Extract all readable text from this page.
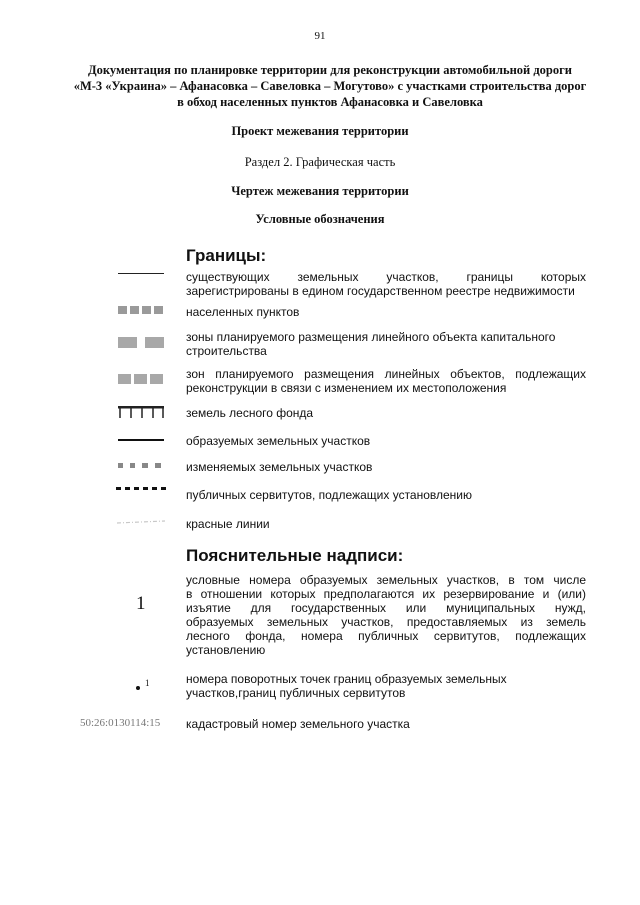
91
Документация по планировке территории для реконструкции автомобильной дороги
«М-3 «Украина» – Афанасовка – Савеловка – Могутово» с участками строительства дорог
в обход населенных пунктов Афанасовка и Савеловка
Проект межевания территории
Раздел 2. Графическая часть
Чертеж межевания территории
Условные обозначения
Границы:
существующих земельных участков, границы которых
зарегистрированы в едином государственном реестре недвижимости
населенных пунктов
зоны планируемого размещения линейного объекта капитального
строительства
зон планируемого размещения линейных объектов, подлежащих
реконструкции в связи с изменением их местоположения
земель лесного фонда
образуемых земельных участков
изменяемых земельных участков
публичных сервитутов, подлежащих установлению
красные линии
Пояснительные надписи:
1
условные номера образуемых земельных участков, в том числе
в отношении которых предполагаются их резервирование и (или)
изъятие для государственных или муниципальных нужд,
образуемых земельных участков, предоставляемых из земель
лесного фонда, номера публичных сервитутов, подлежащих
установлению
1	номера поворотных точек границ образуемых земельных
участков,границ публичных сервитутов
50:26:0130114:15 кадастровый номер земельного участка
